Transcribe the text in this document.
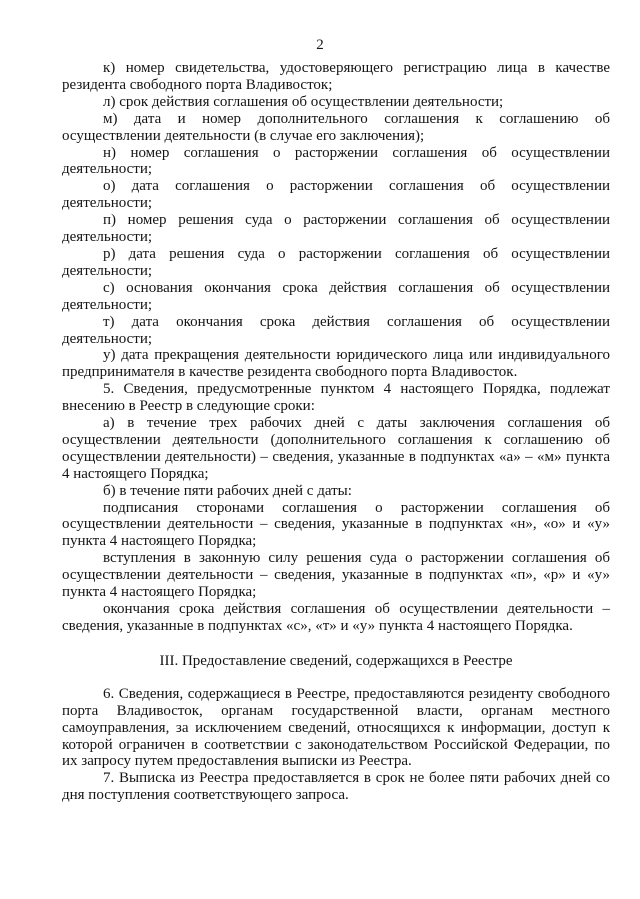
2

к) номер свидетельства, удостоверяющего регистрацию лица в качестве резидента свободного порта Владивосток;

л) срок действия соглашения об осуществлении деятельности;

м) дата и номер дополнительного соглашения к соглашению об осуществлении деятельности (в случае его заключения);

н) номер соглашения о расторжении соглашения об осуществлении деятельности;

о) дата соглашения о расторжении соглашения об осуществлении деятельности;

п) номер решения суда о расторжении соглашения об осуществлении деятельности;

р) дата решения суда о расторжении соглашения об осуществлении деятельности;

с) основания окончания срока действия соглашения об осуществлении деятельности;

т) дата окончания срока действия соглашения об осуществлении деятельности;

у) дата прекращения деятельности юридического лица или индивидуального предпринимателя в качестве резидента свободного порта Владивосток.

5. Сведения, предусмотренные пунктом 4 настоящего Порядка, подлежат внесению в Реестр в следующие сроки:

а) в течение трех рабочих дней с даты заключения соглашения об осуществлении деятельности (дополнительного соглашения к соглашению об осуществлении деятельности) – сведения, указанные в подпунктах «а» – «м» пункта 4 настоящего Порядка;

б) в течение пяти рабочих дней с даты:

подписания сторонами соглашения о расторжении соглашения об осуществлении деятельности – сведения, указанные в подпунктах «н», «о» и «у» пункта 4 настоящего Порядка;

вступления в законную силу решения суда о расторжении соглашения об осуществлении деятельности – сведения, указанные в подпунктах «п», «р» и «у» пункта 4 настоящего Порядка;

окончания срока действия соглашения об осуществлении деятельности – сведения, указанные в подпунктах «с», «т» и «у» пункта 4 настоящего Порядка.

III. Предоставление сведений, содержащихся в Реестре

6. Сведения, содержащиеся в Реестре, предоставляются резиденту свободного порта Владивосток, органам государственной власти, органам местного самоуправления, за исключением сведений, относящихся к информации, доступ к которой ограничен в соответствии с законодательством Российской Федерации, по их запросу путем предоставления выписки из Реестра.

7. Выписка из Реестра предоставляется в срок не более пяти рабочих дней со дня поступления соответствующего запроса.
